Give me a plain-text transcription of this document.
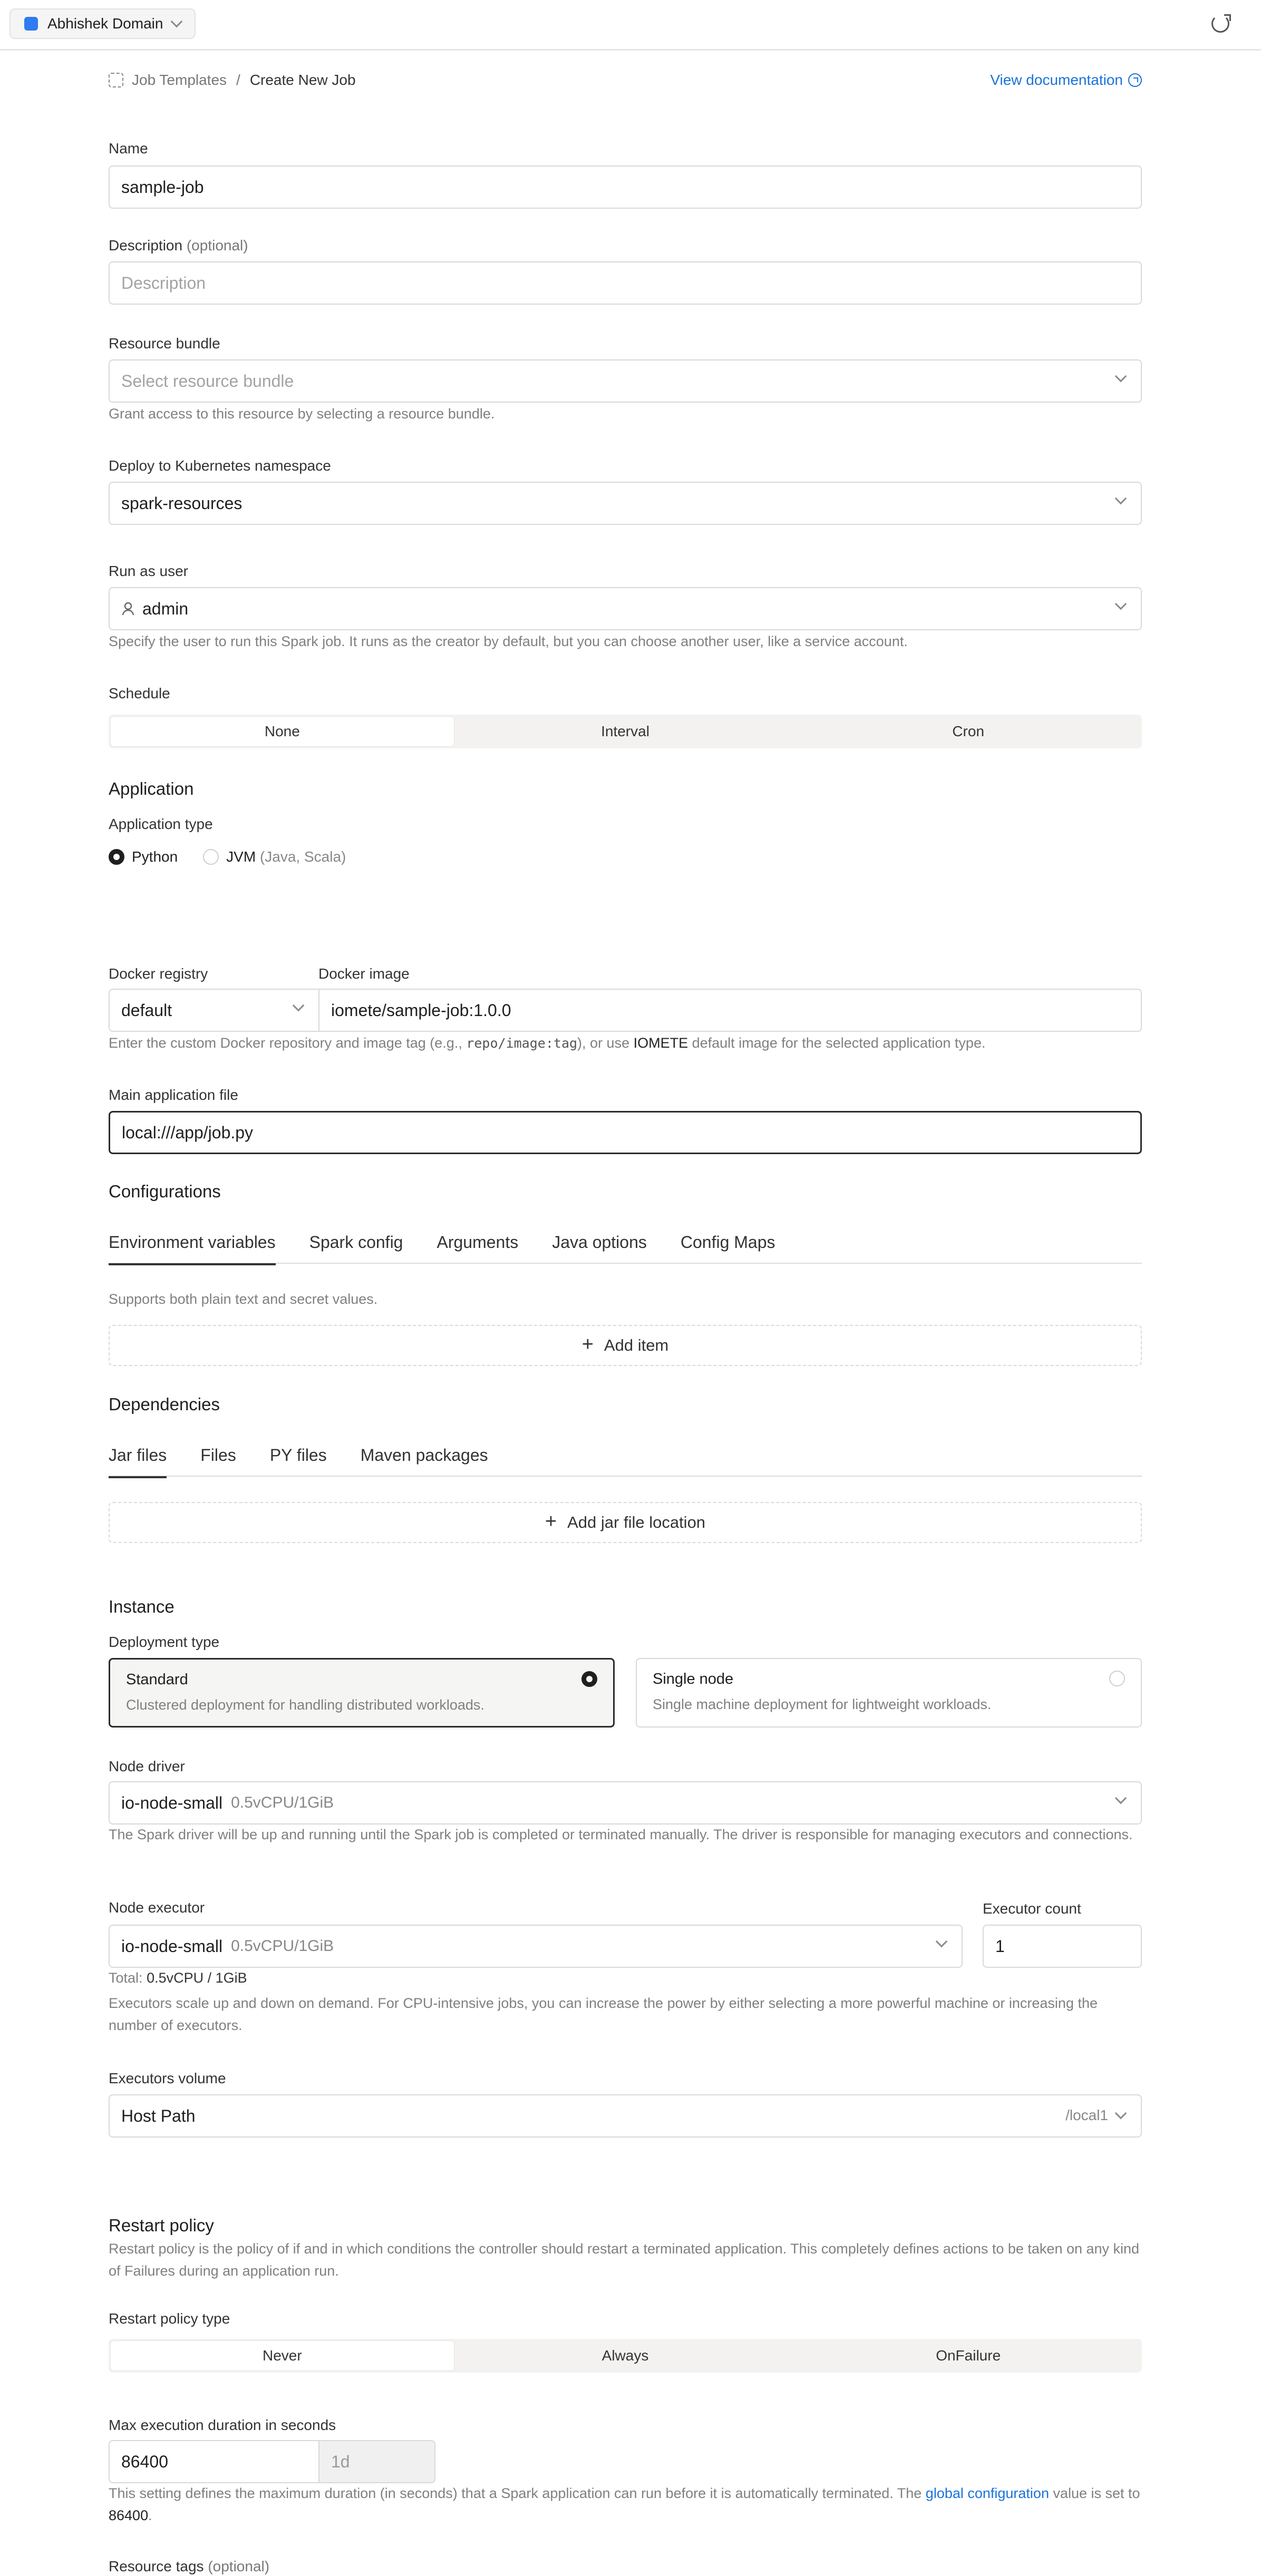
Abhishek Domain
Job Templates / Create New Job	View documentation
Name
sample-job
Description (optional)
Description
Resource bundle
Select resource bundle
Grant access to this resource by selecting a resource bundle.
Deploy to Kubernetes namespace
spark-resources
Run as user
admin
Specify the user to run this Spark job. It runs as the creator by default, but you can choose another user, like a service account.
Schedule
None	Interval	Cron
Application
Application type
Python	JVM (Java, Scala)
Docker registry	Docker image
default	iomete/sample-job:1.0.0
Enter the custom Docker repository and image tag (e.g., repo/image:tag), or use IOMETE default image for the selected application type.
Main application file
local:///app/job.py
Configurations
Environment variables Spark config Arguments Java options Config Maps
Supports both plain text and secret values.
+ Add item
Dependencies
Jar files Files PY files Maven packages
+ Add jar file location
Instance
Deployment type
Standard
Clustered deployment for handling distributed workloads.
Single node
Single machine deployment for lightweight workloads.
Node driver
io-node-small 0.5vCPU/1GiB
The Spark driver will be up and running until the Spark job is completed or terminated manually. The driver is responsible for managing executors and connections.
Node executor	Executor count
io-node-small 0.5vCPU/1GiB	1
Total: 0.5vCPU / 1GiB
Executors scale up and down on demand. For CPU-intensive jobs, you can increase the power by either selecting a more powerful machine or increasing the number of executors.
Executors volume
Host Path	/local1
Restart policy
Restart policy is the policy of if and in which conditions the controller should restart a terminated application. This completely defines actions to be taken on any kind of Failures during an application run.
Restart policy type
Never	Always	OnFailure
Max execution duration in seconds
86400	1d
This setting defines the maximum duration (in seconds) that a Spark application can run before it is automatically terminated. The global configuration value is set to 86400.
Resource tags (optional)
